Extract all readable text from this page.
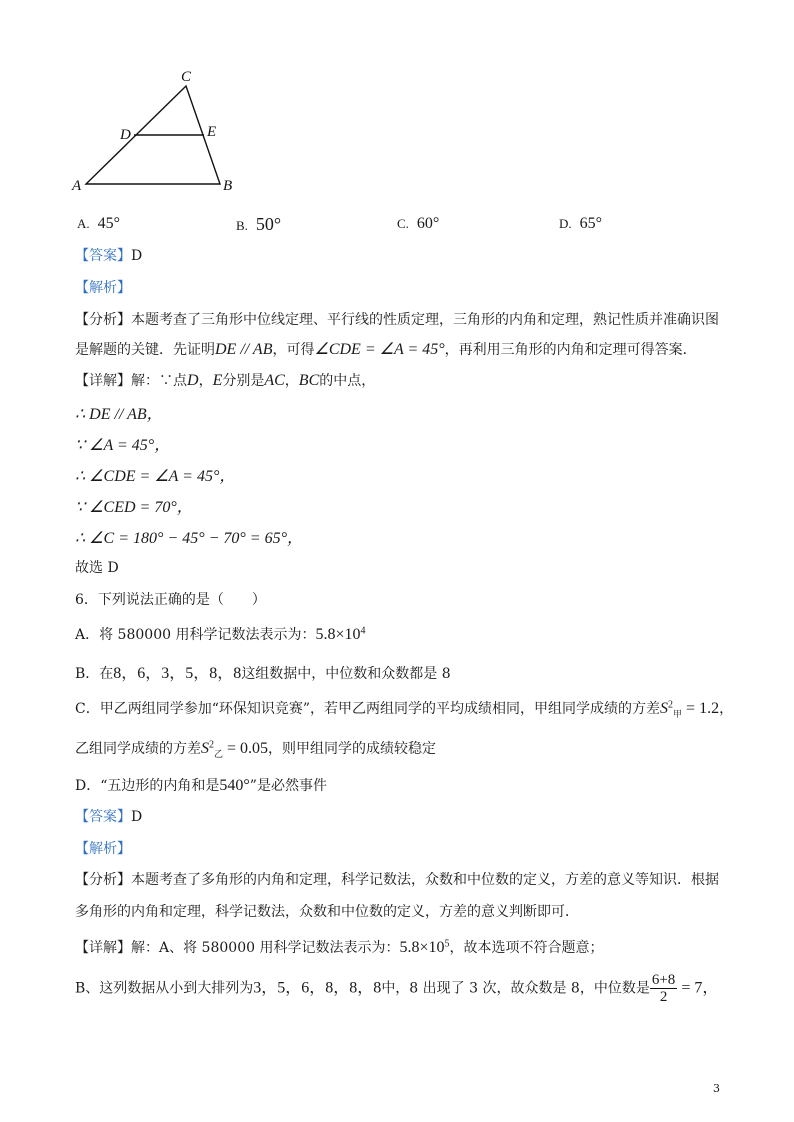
C
D	E
A	B
A. 45°	B. 50°	C. 60°	D. 65°
【答案】D
【解析】
【分析】本题考查了三角形中位线定理、平行线的性质定理，三角形的内角和定理，熟记性质并准确识图
是解题的关键．先证明DE // AB，可得∠CDE = ∠A = 45°，再利用三角形的内角和定理可得答案．
【详解】解：∵点D，E分别是AC，BC的中点，
∴ DE // AB，
∵ ∠A = 45°，
∴ ∠CDE = ∠A = 45°，
∵ ∠CED = 70°，
∴ ∠C = 180° − 45° − 70° = 65°，
故选 D
6．下列说法正确的是（　　）
A．将 580000 用科学记数法表示为：$5.8\times 10^4$
B．在8，6，3，5，8，8这组数据中，中位数和众数都是 8
C．甲乙两组同学参加“环保知识竞赛”，若甲乙两组同学的平均成绩相同，甲组同学成绩的方差$S^2_甲 = 1.2$，
乙组同学成绩的方差$S^2_乙 = 0.05$，则甲组同学的成绩较稳定
D．“五边形的内角和是540°”是必然事件
【答案】D
【解析】
【分析】本题考查了多角形的内角和定理，科学记数法，众数和中位数的定义，方差的意义等知识．根据
多角形的内角和定理，科学记数法，众数和中位数的定义，方差的意义判断即可．
【详解】解：A、将 580000 用科学记数法表示为：$5.8\times 10^5$，故本选项不符合题意；
B、这列数据从小到大排列为3，5，6，8，8，8中，8 出现了 3 次，故众数是 8，中位数是 $\frac{6+8}{2} = 7$，
3
